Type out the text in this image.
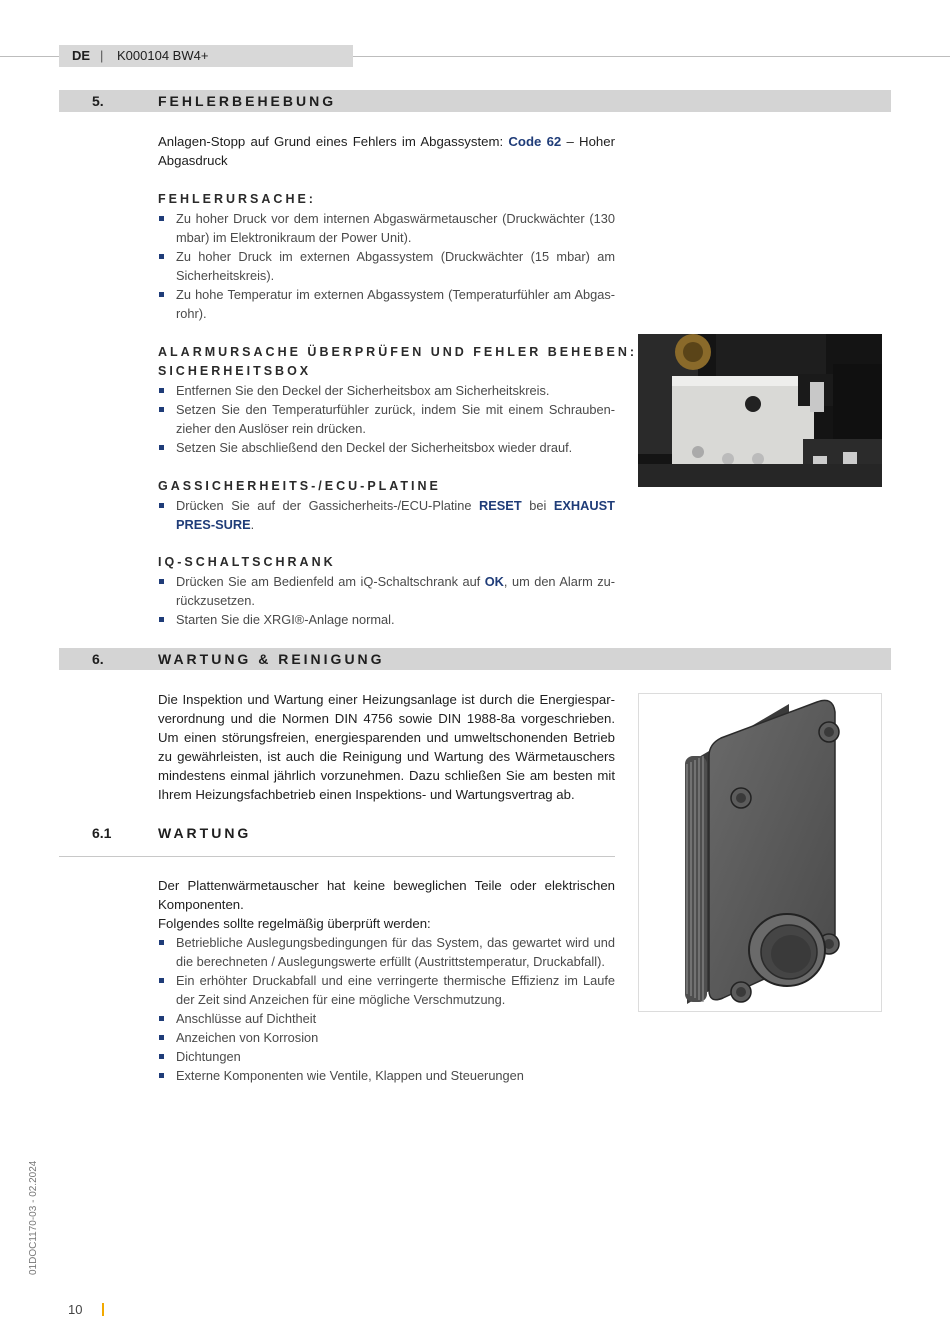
DE | K000104 BW4+
5.	FEHLERBEHEBUNG
Anlagen-Stopp auf Grund eines Fehlers im Abgassystem: Code 62 – Hoher Abgasdruck
FEHLERURSACHE:
Zu hoher Druck vor dem internen Abgaswärmetauscher (Druckwächter (130 mbar) im Elektronikraum der Power Unit).
Zu hoher Druck im externen Abgassystem (Druckwächter (15 mbar) am Sicherheitskreis).
Zu hohe Temperatur im externen Abgassystem (Temperaturfühler am Abgas-rohr).
ALARMURSACHE ÜBERPRÜFEN UND FEHLER BEHEBEN:
SICHERHEITSBOX
Entfernen Sie den Deckel der Sicherheitsbox am Sicherheitskreis.
Setzen Sie den Temperaturfühler zurück, indem Sie mit einem Schrauben-zieher den Auslöser rein drücken.
Setzen Sie abschließend den Deckel der Sicherheitsbox wieder drauf.
GASSICHERHEITS-/ECU-PLATINE
Drücken Sie auf der Gassicherheits-/ECU-Platine RESET bei EXHAUST PRES-SURE.
IQ-SCHALTSCHRANK
Drücken Sie am Bedienfeld am iQ-Schaltschrank auf OK, um den Alarm zu-rückzusetzen.
Starten Sie die XRGI®-Anlage normal.
6.	WARTUNG & REINIGUNG
Die Inspektion und Wartung einer Heizungsanlage ist durch die Energiespar-verordnung und die Normen DIN 4756 sowie DIN 1988-8a vorgeschrieben. Um einen störungsfreien, energiesparenden und umweltschonenden Betrieb zu gewährleisten, ist auch die Reinigung und Wartung des Wärmetauschers mindestens einmal jährlich vorzunehmen. Dazu schließen Sie am besten mit Ihrem Heizungsfachbetrieb einen Inspektions- und Wartungsvertrag ab.
6.1	WARTUNG
Der Plattenwärmetauscher hat keine beweglichen Teile oder elektrischen Komponenten.
Folgendes sollte regelmäßig überprüft werden:
Betriebliche Auslegungsbedingungen für das System, das gewartet wird und die berechneten / Auslegungswerte erfüllt (Austrittstemperatur, Druckabfall).
Ein erhöhter Druckabfall und eine verringerte thermische Effizienz im Laufe der Zeit sind Anzeichen für eine mögliche Verschmutzung.
Anschlüsse auf Dichtheit
Anzeichen von Korrosion
Dichtungen
Externe Komponenten wie Ventile, Klappen und Steuerungen
01DOC1170-03 - 02.2024
10
